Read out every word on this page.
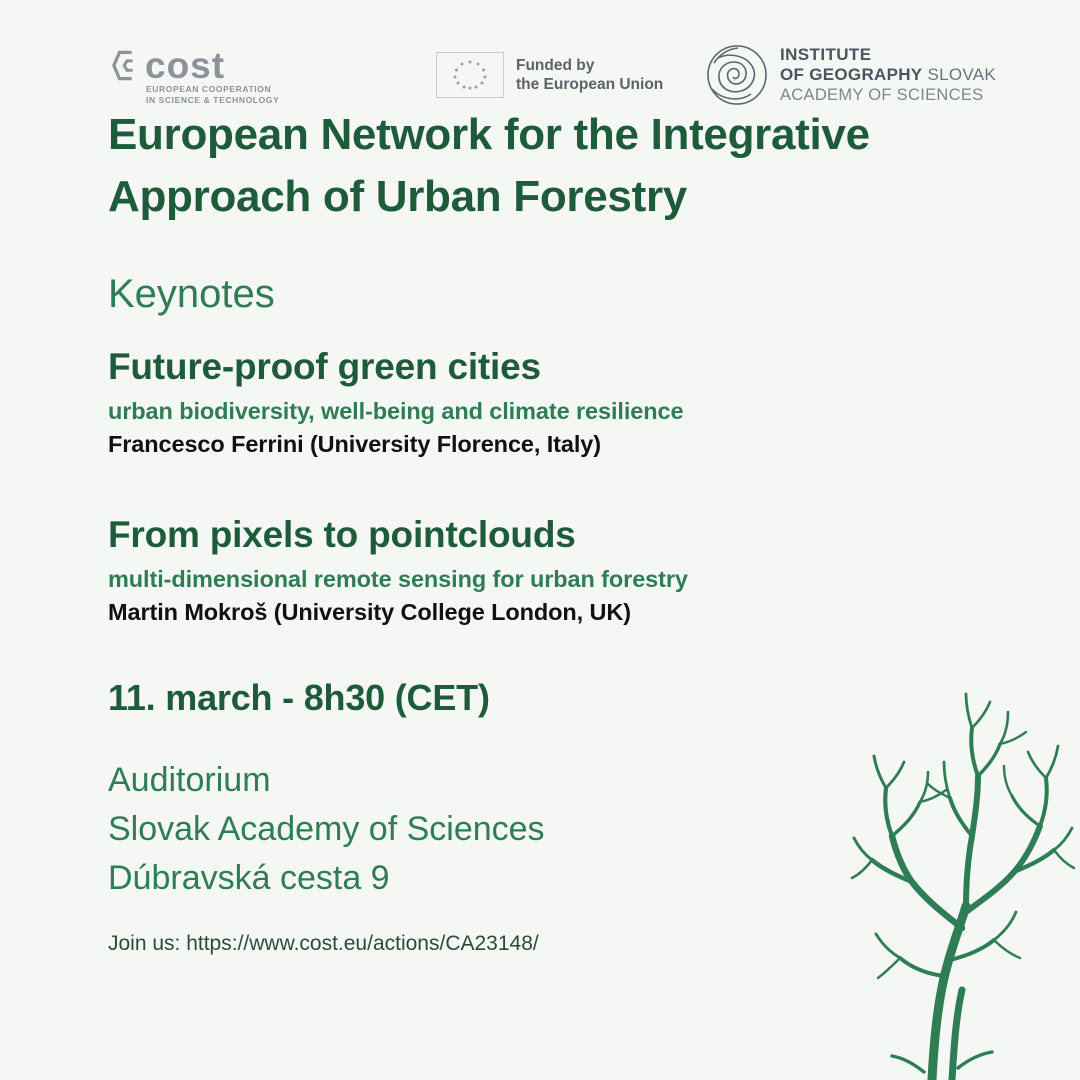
cost
EUROPEAN COOPERATION
IN SCIENCE & TECHNOLOGY
Funded by
the European Union
INSTITUTE
OF GEOGRAPHY SLOVAK
ACADEMY OF SCIENCES
European Network for the Integrative Approach of Urban Forestry
Keynotes
Future-proof green cities
urban biodiversity, well-being and climate resilience
Francesco Ferrini (University Florence, Italy)
From pixels to pointclouds
multi-dimensional remote sensing for urban forestry
Martin Mokroš (University College London, UK)
11. march - 8h30 (CET)
Auditorium
Slovak Academy of Sciences
Dúbravská cesta 9
Join us: https://www.cost.eu/actions/CA23148/
